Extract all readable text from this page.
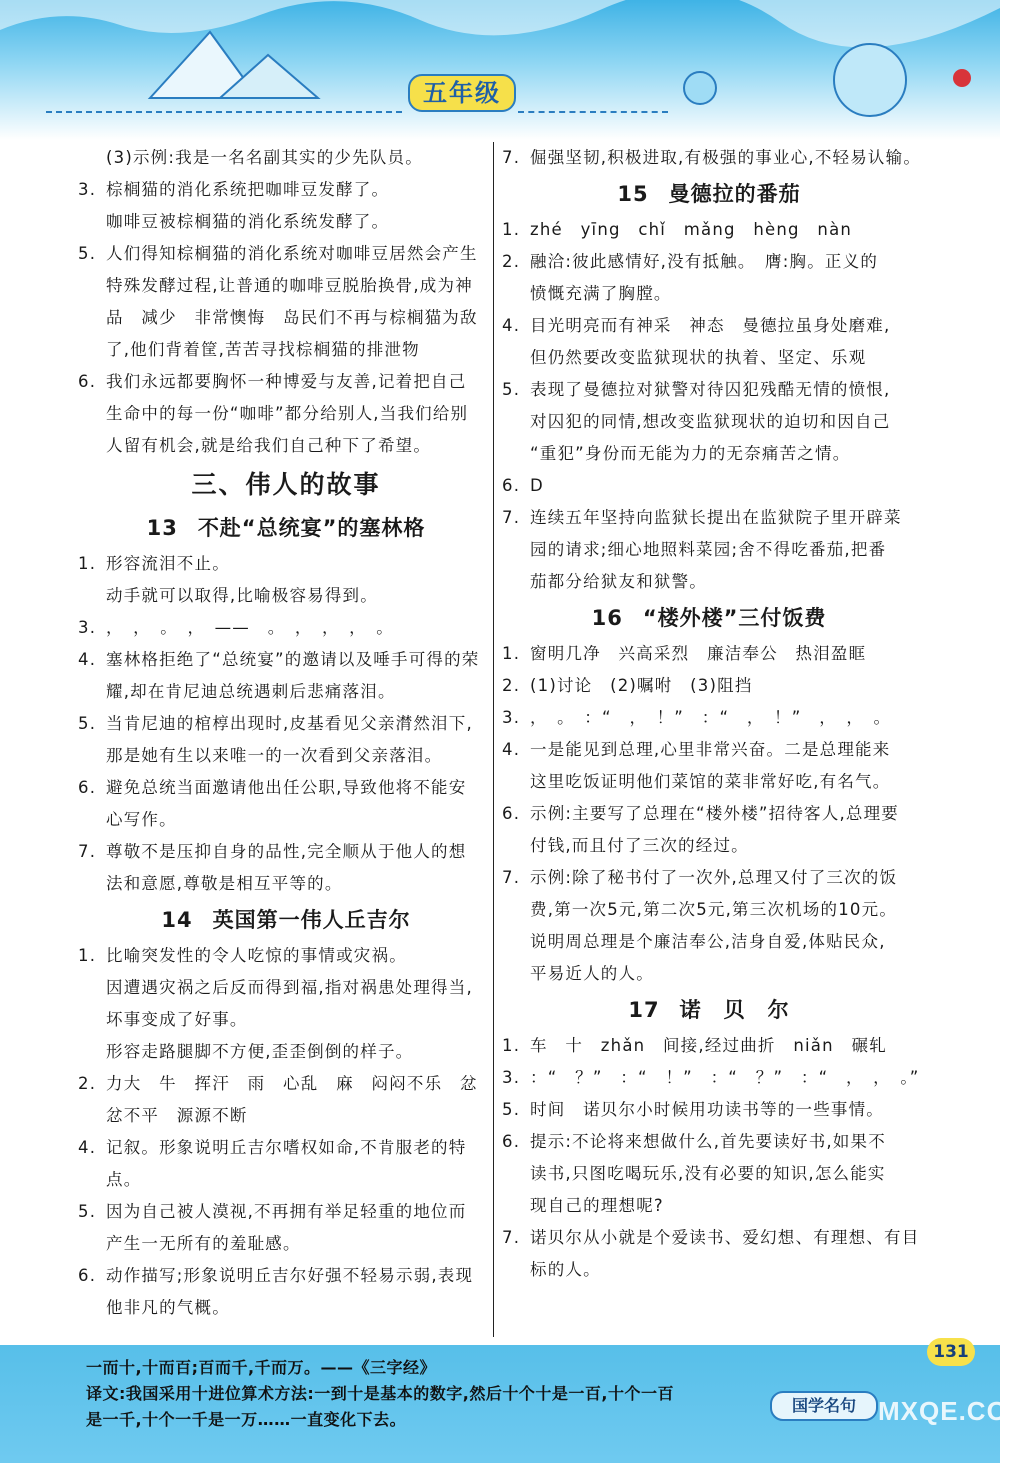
五年级
(3)示例:我是一名名副其实的少先队员。
3. 棕榈猫的消化系统把咖啡豆发酵了。
咖啡豆被棕榈猫的消化系统发酵了。
5. 人们得知棕榈猫的消化系统对咖啡豆居然会产生
特殊发酵过程,让普通的咖啡豆脱胎换骨,成为神
品　减少　非常懊悔　岛民们不再与棕榈猫为敌
了,他们背着筐,苦苦寻找棕榈猫的排泄物
6. 我们永远都要胸怀一种博爱与友善,记着把自己
生命中的每一份“咖啡”都分给别人,当我们给别
人留有机会,就是给我们自己种下了希望。
三、伟人的故事
13 不赴“总统宴”的塞林格
1. 形容流泪不止。
动手就可以取得,比喻极容易得到。
3. ，　，　。　，　——　。　，　，　，　。
4. 塞林格拒绝了“总统宴”的邀请以及唾手可得的荣
耀,却在肯尼迪总统遇刺后悲痛落泪。
5. 当肯尼迪的棺椁出现时,皮基看见父亲潸然泪下,
那是她有生以来唯一的一次看到父亲落泪。
6. 避免总统当面邀请他出任公职,导致他将不能安
心写作。
7. 尊敬不是压抑自身的品性,完全顺从于他人的想
法和意愿,尊敬是相互平等的。
14 英国第一伟人丘吉尔
1. 比喻突发性的令人吃惊的事情或灾祸。
因遭遇灾祸之后反而得到福,指对祸患处理得当,
坏事变成了好事。
形容走路腿脚不方便,歪歪倒倒的样子。
2. 力大　牛　挥汗　雨　心乱　麻　闷闷不乐　忿
忿不平　源源不断
4. 记叙。形象说明丘吉尔嗜权如命,不肯服老的特
点。
5. 因为自己被人漠视,不再拥有举足轻重的地位而
产生一无所有的羞耻感。
6. 动作描写;形象说明丘吉尔好强不轻易示弱,表现
他非凡的气概。
7. 倔强坚韧,积极进取,有极强的事业心,不轻易认输。
15 曼德拉的番茄
1. zhé　yīng　chǐ　mǎng　hèng　nàn
2. 融洽:彼此感情好,没有抵触。　膺:胸。正义的
愤慨充满了胸膛。
4. 目光明亮而有神采　神态　曼德拉虽身处磨难,
但仍然要改变监狱现状的执着、坚定、乐观
5. 表现了曼德拉对狱警对待囚犯残酷无情的愤恨,
对囚犯的同情,想改变监狱现状的迫切和因自己
“重犯”身份而无能为力的无奈痛苦之情。
6. D
7. 连续五年坚持向监狱长提出在监狱院子里开辟菜
园的请求;细心地照料菜园;舍不得吃番茄,把番
茄都分给狱友和狱警。
16 “楼外楼”三付饭费
1. 窗明几净　兴高采烈　廉洁奉公　热泪盈眶
2. (1)讨论　(2)嘱咐　(3)阻挡
3. ，　。　：“　，　！”　：“　，　！”　，　，　。
4. 一是能见到总理,心里非常兴奋。二是总理能来
这里吃饭证明他们菜馆的菜非常好吃,有名气。
6. 示例:主要写了总理在“楼外楼”招待客人,总理要
付钱,而且付了三次的经过。
7. 示例:除了秘书付了一次外,总理又付了三次的饭
费,第一次5元,第二次5元,第三次机场的10元。
说明周总理是个廉洁奉公,洁身自爱,体贴民众,
平易近人的人。
17 诺　贝　尔
1. 车　十　zhǎn　间接,经过曲折　niǎn　碾轧
3. ：“　？”　：“　！”　：“　？”　：“　，　，　。”
5. 时间　诺贝尔小时候用功读书等的一些事情。
6. 提示:不论将来想做什么,首先要读好书,如果不
读书,只图吃喝玩乐,没有必要的知识,怎么能实
现自己的理想呢?
7. 诺贝尔从小就是个爱读书、爱幻想、有理想、有目
标的人。
一而十,十而百;百而千,千而万。——《三字经》
译文:我国采用十进位算术方法:一到十是基本的数字,然后十个十是一百,十个一百
是一千,十个一千是一万……一直变化下去。
131
国学名句 MXQE.COM
